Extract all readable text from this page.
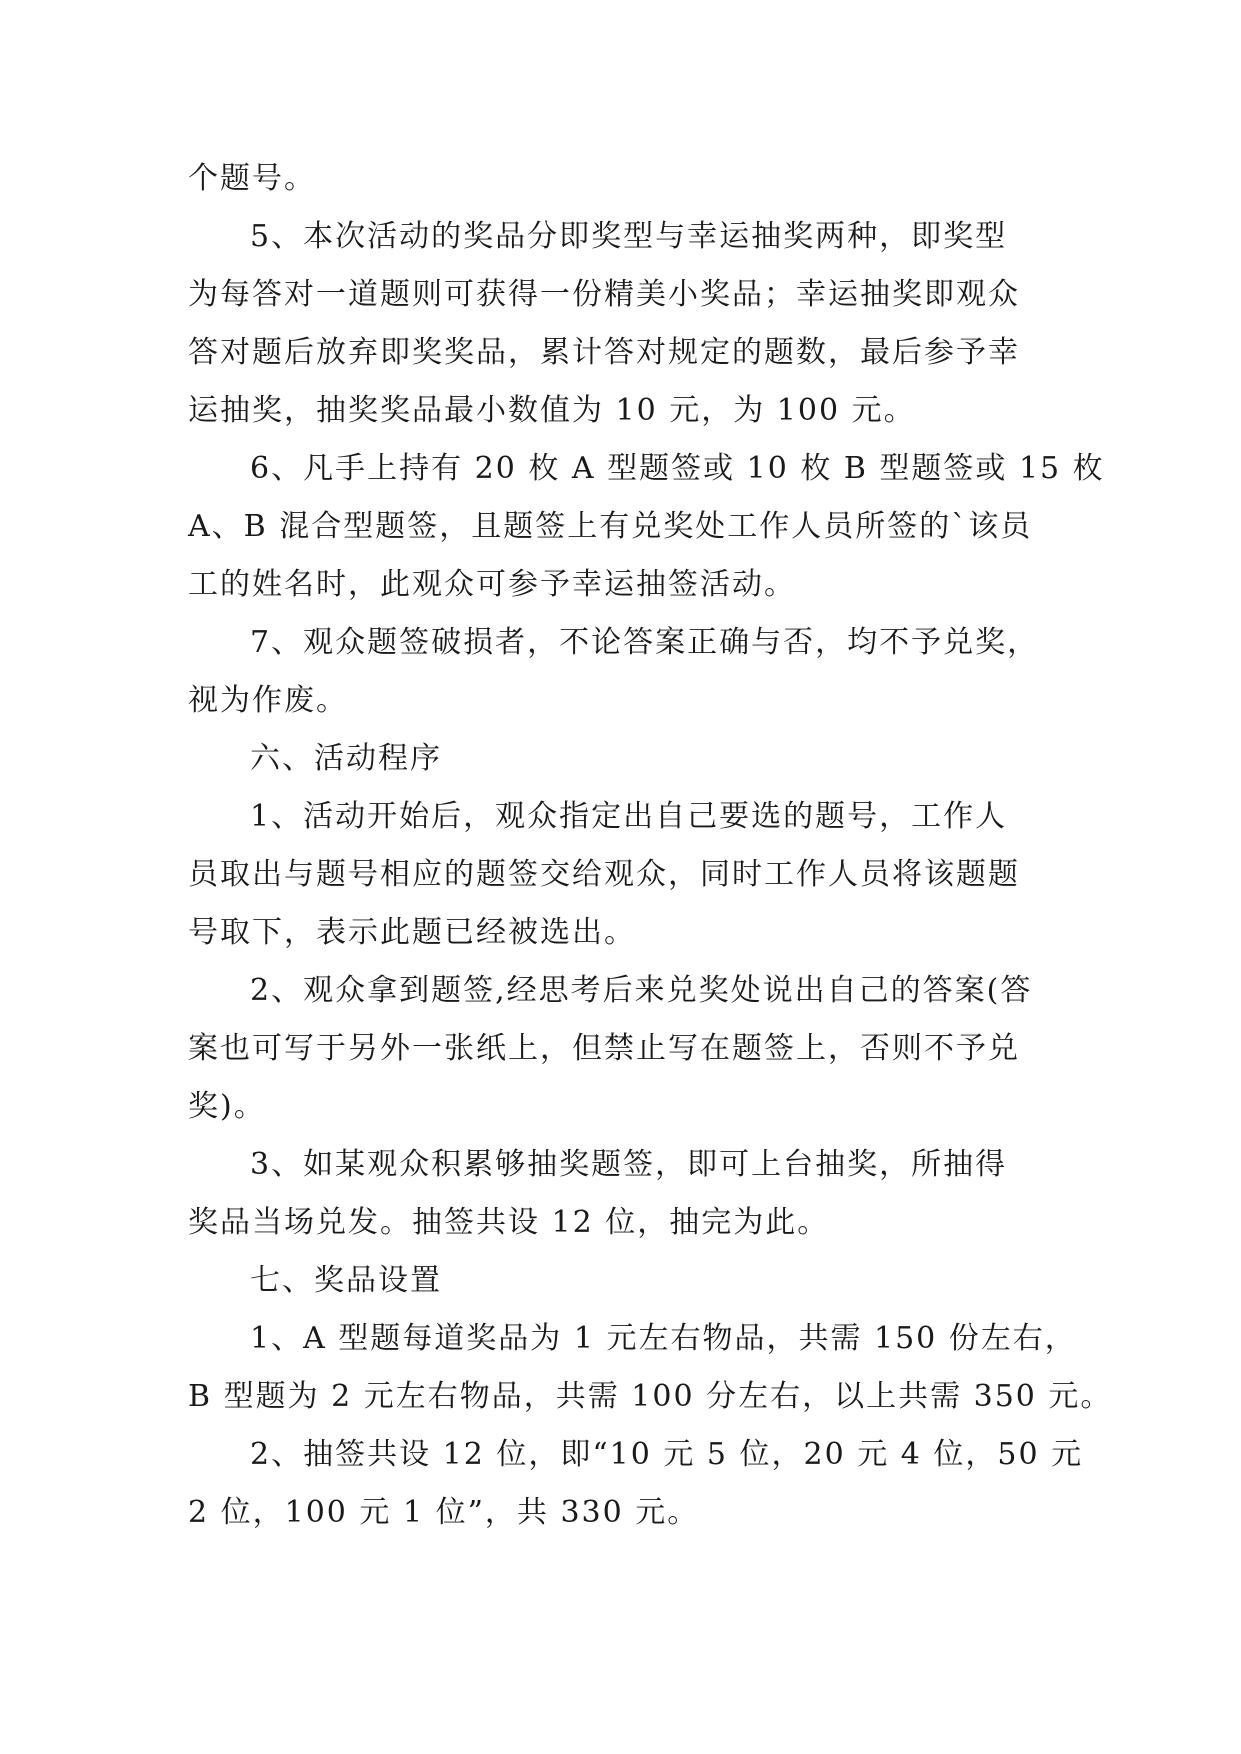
个题号。
5、本次活动的奖品分即奖型与幸运抽奖两种，即奖型
为每答对一道题则可获得一份精美小奖品；幸运抽奖即观众
答对题后放弃即奖奖品，累计答对规定的题数，最后参予幸
运抽奖，抽奖奖品最小数值为 10 元，为 100 元。
6、凡手上持有 20 枚 A 型题签或 10 枚 B 型题签或 15 枚
A、B 混合型题签，且题签上有兑奖处工作人员所签的`该员
工的姓名时，此观众可参予幸运抽签活动。
7、观众题签破损者，不论答案正确与否，均不予兑奖，
视为作废。
六、活动程序
1、活动开始后，观众指定出自己要选的题号，工作人
员取出与题号相应的题签交给观众，同时工作人员将该题题
号取下，表示此题已经被选出。
2、观众拿到题签,经思考后来兑奖处说出自己的答案(答
案也可写于另外一张纸上，但禁止写在题签上，否则不予兑
奖)。
3、如某观众积累够抽奖题签，即可上台抽奖，所抽得
奖品当场兑发。抽签共设 12 位，抽完为此。
七、奖品设置
1、A 型题每道奖品为 1 元左右物品，共需 150 份左右，
B 型题为 2 元左右物品，共需 100 分左右，以上共需 350 元。
2、抽签共设 12 位，即“10 元 5 位，20 元 4 位，50 元
2 位，100 元 1 位”，共 330 元。
